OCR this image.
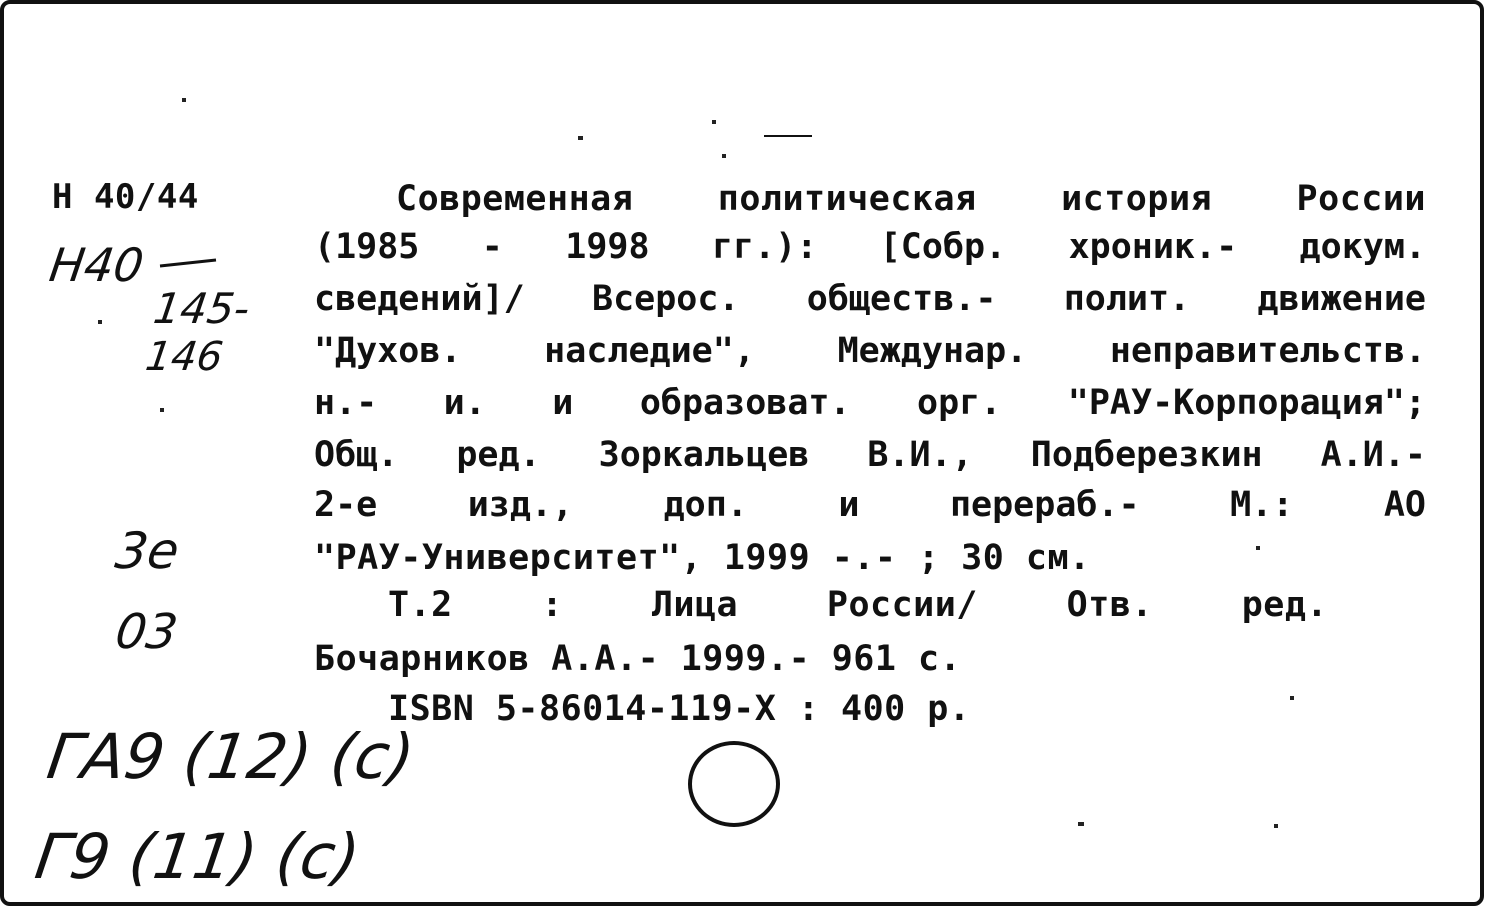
Н 40/44	Современная политическая история России
(1985 - 1998 гг.): [Собр. хроник.- докум.
сведений]/ Всерос. обществ.- полит. движение
"Духов. наследие", Междунар. неправительств.
н.- и. и образоват. орг. "РАУ-Корпорация";
Общ. ред. Зоркальцев В.И., Подберезкин А.И.-
2-е изд., доп. и перераб.- М.: АО
"РАУ-Университет", 1999 -.- ; 30 см.
Т.2 : Лица России/ Отв. ред.
Бочарников А.А.- 1999.- 961 с.
ISBN 5-86014-119-Х : 400 р.
Н40
145-
146
3е
03
ГА9 (12) (с)
Г9 (11) (с)
